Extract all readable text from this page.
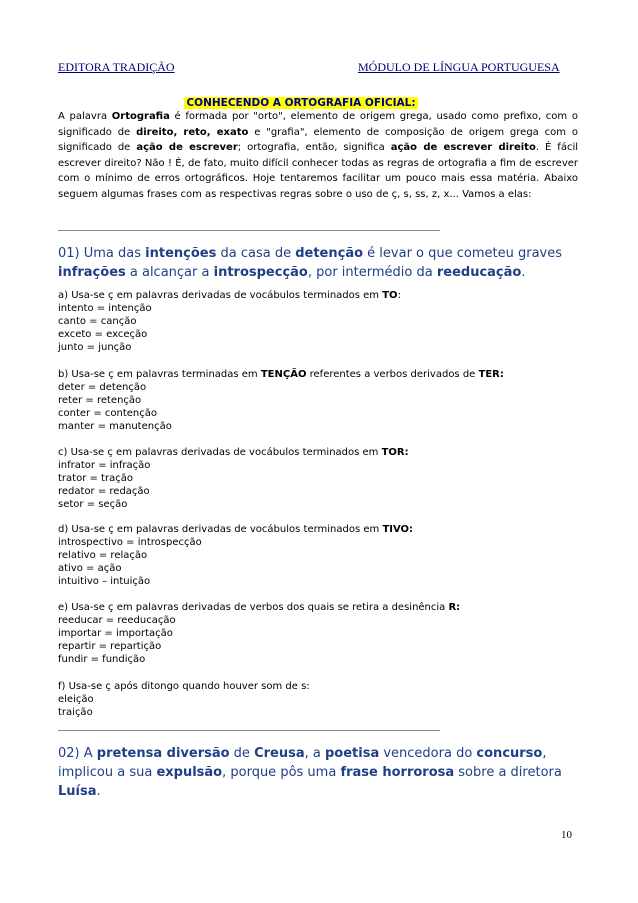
EDITORA TRADIÇÃO	MÓDULO DE LÍNGUA PORTUGUESA
CONHECENDO A ORTOGRAFIA OFICIAL:
A palavra Ortografia é formada por "orto", elemento de origem grega, usado como prefixo, com o significado de direito, reto, exato e "grafia", elemento de composição de origem grega com o significado de ação de escrever; ortografia, então, significa ação de escrever direito. É fácil escrever direito? Não ! É, de fato, muito difícil conhecer todas as regras de ortografia a fim de escrever com o mínimo de erros ortográficos. Hoje tentaremos facilitar um pouco mais essa matéria. Abaixo seguem algumas frases com as respectivas regras sobre o uso de ç, s, ss, z, x... Vamos a elas:
01) Uma das intenções da casa de detenção é levar o que cometeu graves infrações a alcançar a introspecção, por intermédio da reeducação.
a) Usa-se ç em palavras derivadas de vocábulos terminados em TO:
intento = intenção
canto = canção
exceto = exceção
junto = junção
b) Usa-se ç em palavras terminadas em TENÇÃO referentes a verbos derivados de TER:
deter = detenção
reter = retenção
conter = contenção
manter = manutenção
c) Usa-se ç em palavras derivadas de vocábulos terminados em TOR:
infrator = infração
trator = tração
redator = redação
setor = seção
d) Usa-se ç em palavras derivadas de vocábulos terminados em TIVO:
introspectivo = introspecção
relativo = relação
ativo = ação
intuitivo – intuição
e) Usa-se ç em palavras derivadas de verbos dos quais se retira a desinência R:
reeducar = reeducação
importar = importação
repartir = repartição
fundir = fundição
f) Usa-se ç após ditongo quando houver som de s:
eleição
traição
02) A pretensa diversão de Creusa, a poetisa vencedora do concurso, implicou a sua expulsão, porque pôs uma frase horrorosa sobre a diretora Luísa.
10
